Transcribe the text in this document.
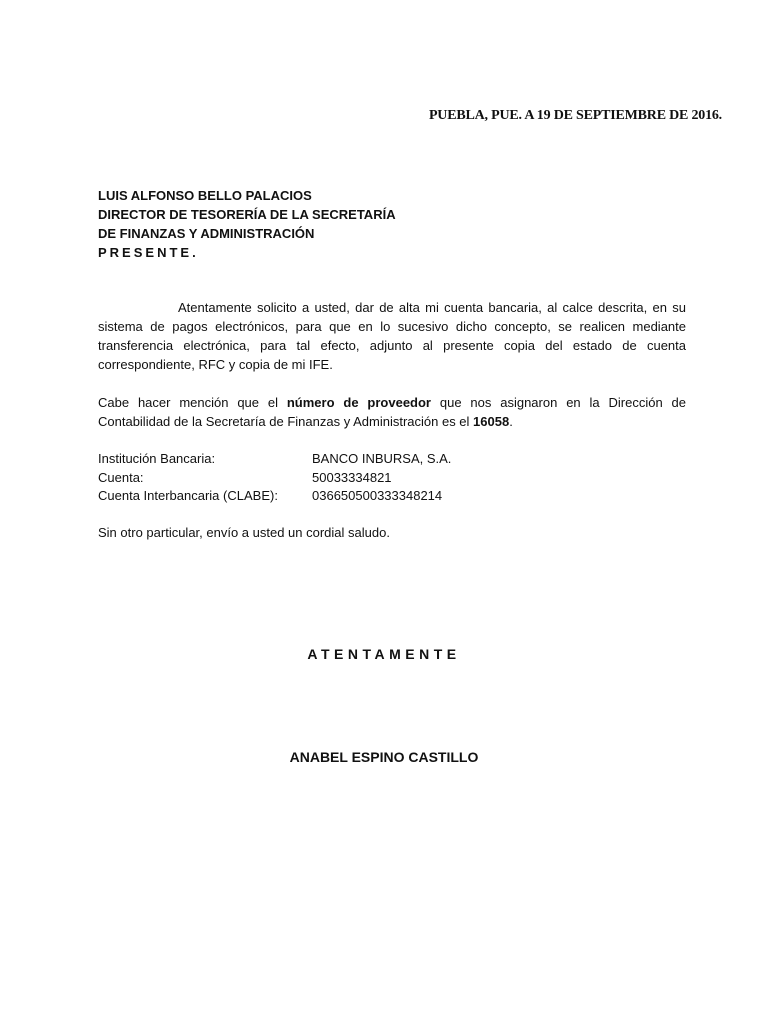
PUEBLA, PUE. A 19 DE SEPTIEMBRE DE 2016.
LUIS ALFONSO BELLO PALACIOS
DIRECTOR DE TESORERÍA DE LA SECRETARÍA
DE FINANZAS Y ADMINISTRACIÓN
PRESENTE.
Atentamente solicito a usted, dar de alta mi cuenta bancaria, al calce descrita, en su sistema de pagos electrónicos, para que en lo sucesivo dicho concepto, se realicen mediante transferencia electrónica, para tal efecto, adjunto al presente copia del estado de cuenta correspondiente, RFC y copia de mi IFE.
Cabe hacer mención que el número de proveedor que nos asignaron en la Dirección de Contabilidad de la Secretaría de Finanzas y Administración es el 16058.
Institución Bancaria:	BANCO INBURSA, S.A.
Cuenta:	50033334821
Cuenta Interbancaria (CLABE):	036650500333348214
Sin otro particular, envío a usted un cordial saludo.
ATENTAMENTE
ANABEL ESPINO CASTILLO
